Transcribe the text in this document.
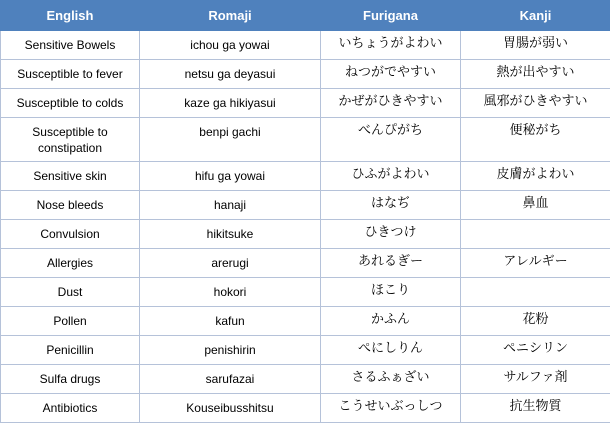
English	Romaji	Furigana	Kanji
Sensitive Bowels	ichou ga yowai	いちょうがよわい	胃腸が弱い
Susceptible to fever	netsu ga deyasui	ねつがでやすい	熱が出やすい
Susceptible to colds	kaze ga hikiyasui	かぜがひきやすい	風邪がひきやすい
Susceptible to constipation	benpi gachi	べんぴがち	便秘がち
Sensitive skin	hifu ga yowai	ひふがよわい	皮膚がよわい
Nose bleeds	hanaji	はなぢ	鼻血
Convulsion	hikitsuke	ひきつけ	
Allergies	arerugi	あれるぎー	アレルギー
Dust	hokori	ほこり	
Pollen	kafun	かふん	花粉
Penicillin	penishirin	ぺにしりん	ペニシリン
Sulfa drugs	sarufazai	さるふぁざい	サルファ剤
Antibiotics	Kouseibusshitsu	こうせいぶっしつ	抗生物質
